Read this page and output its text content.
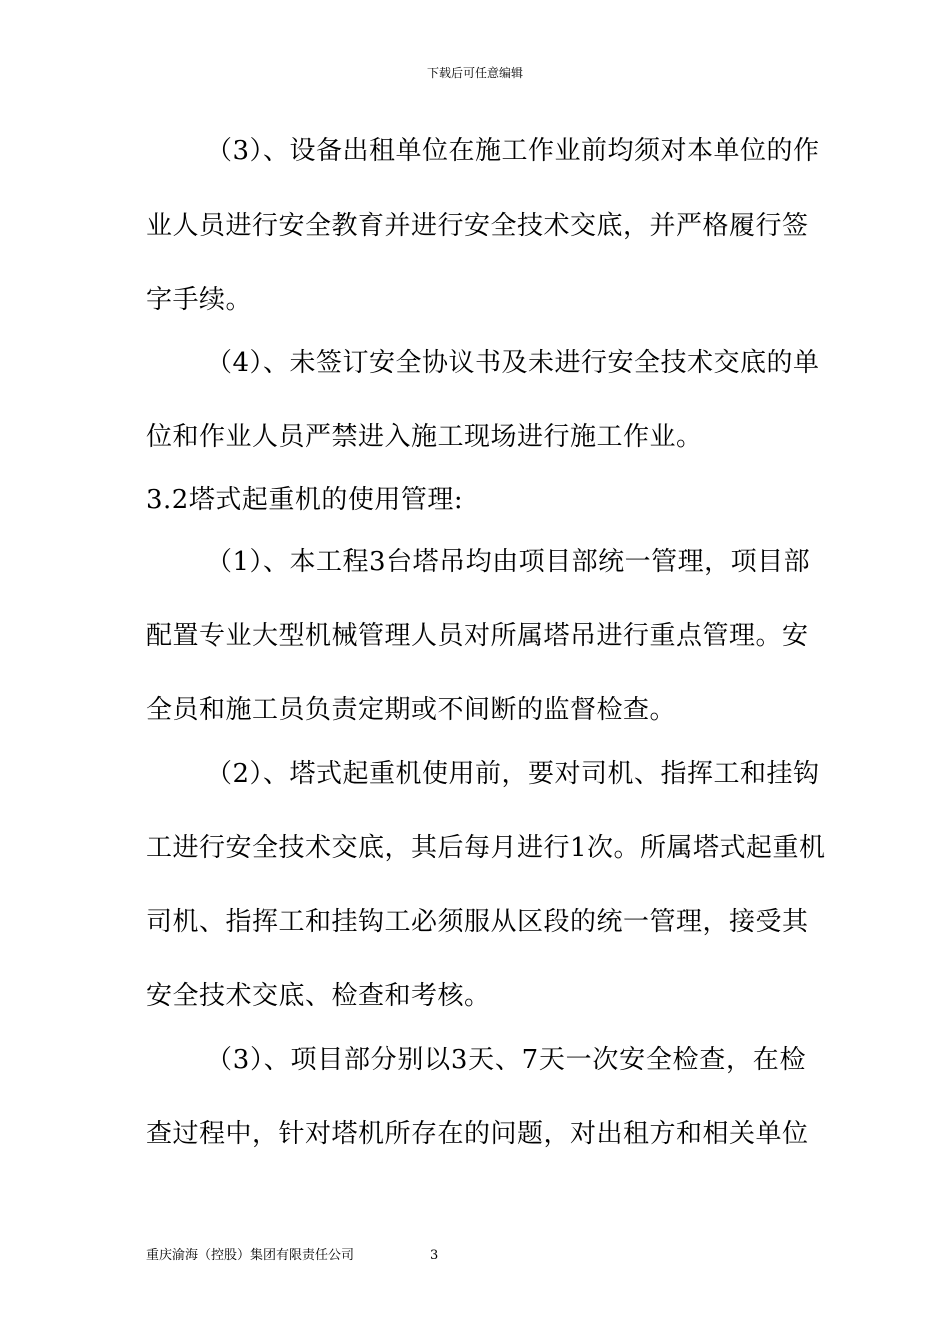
下载后可任意编辑
（3）、设备出租单位在施工作业前均须对本单位的作
业人员进行安全教育并进行安全技术交底，并严格履行签
字手续。
（4）、未签订安全协议书及未进行安全技术交底的单
位和作业人员严禁进入施工现场进行施工作业。
3.2塔式起重机的使用管理:
（1）、本工程3台塔吊均由项目部统一管理，项目部
配置专业大型机械管理人员对所属塔吊进行重点管理。安
全员和施工员负责定期或不间断的监督检查。
（2）、塔式起重机使用前，要对司机、指挥工和挂钩
工进行安全技术交底，其后每月进行1次。所属塔式起重机
司机、指挥工和挂钩工必须服从区段的统一管理，接受其
安全技术交底、检查和考核。
（3）、项目部分别以3天、7天一次安全检查，在检
查过程中，针对塔机所存在的问题，对出租方和相关单位
重庆渝海（控股）集团有限责任公司	3
